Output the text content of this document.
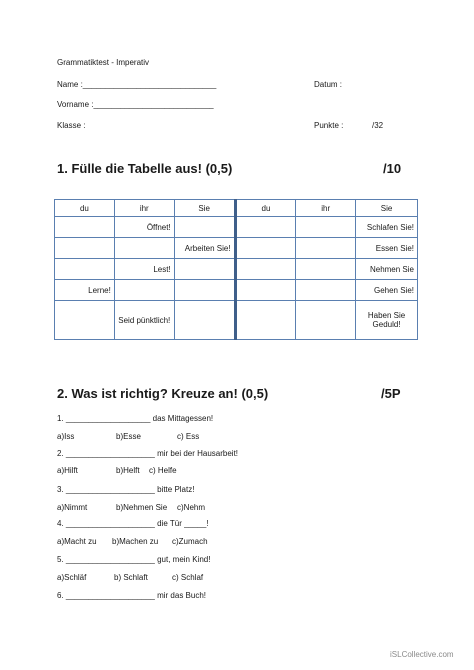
Grammatiktest - Imperativ
Name :______________________________	Datum :
Vorname :___________________________
Klasse :	Punkte :	/32
1. Fülle die Tabelle aus! (0,5)	/10
du	ihr	Sie	du	ihr	Sie
	Öffnet!				Schlafen Sie!
		Arbeiten Sie!			Essen Sie!
	Lest!				Nehmen Sie
Lerne!					Gehen Sie!
	Seid pünktlich!				Haben Sie Geduld!
2. Was ist richtig? Kreuze an! (0,5)	/5P
1. ___________________ das Mittagessen!
a)Iss	b)Esse	c) Ess
2. ____________________ mir bei der Hausarbeit!
a)Hilft	b)Helft c) Helfe
3. ____________________ bitte Platz!
a)Nimmt	b)Nehmen Sie c)Nehm
4. ____________________ die Tür _____!
a)Macht zu b)Machen zu c)Zumach
5. ____________________ gut, mein Kind!
a)Schläf	b) Schlaft	c) Schlaf
6. ____________________ mir das Buch!
iSLCollective.com
